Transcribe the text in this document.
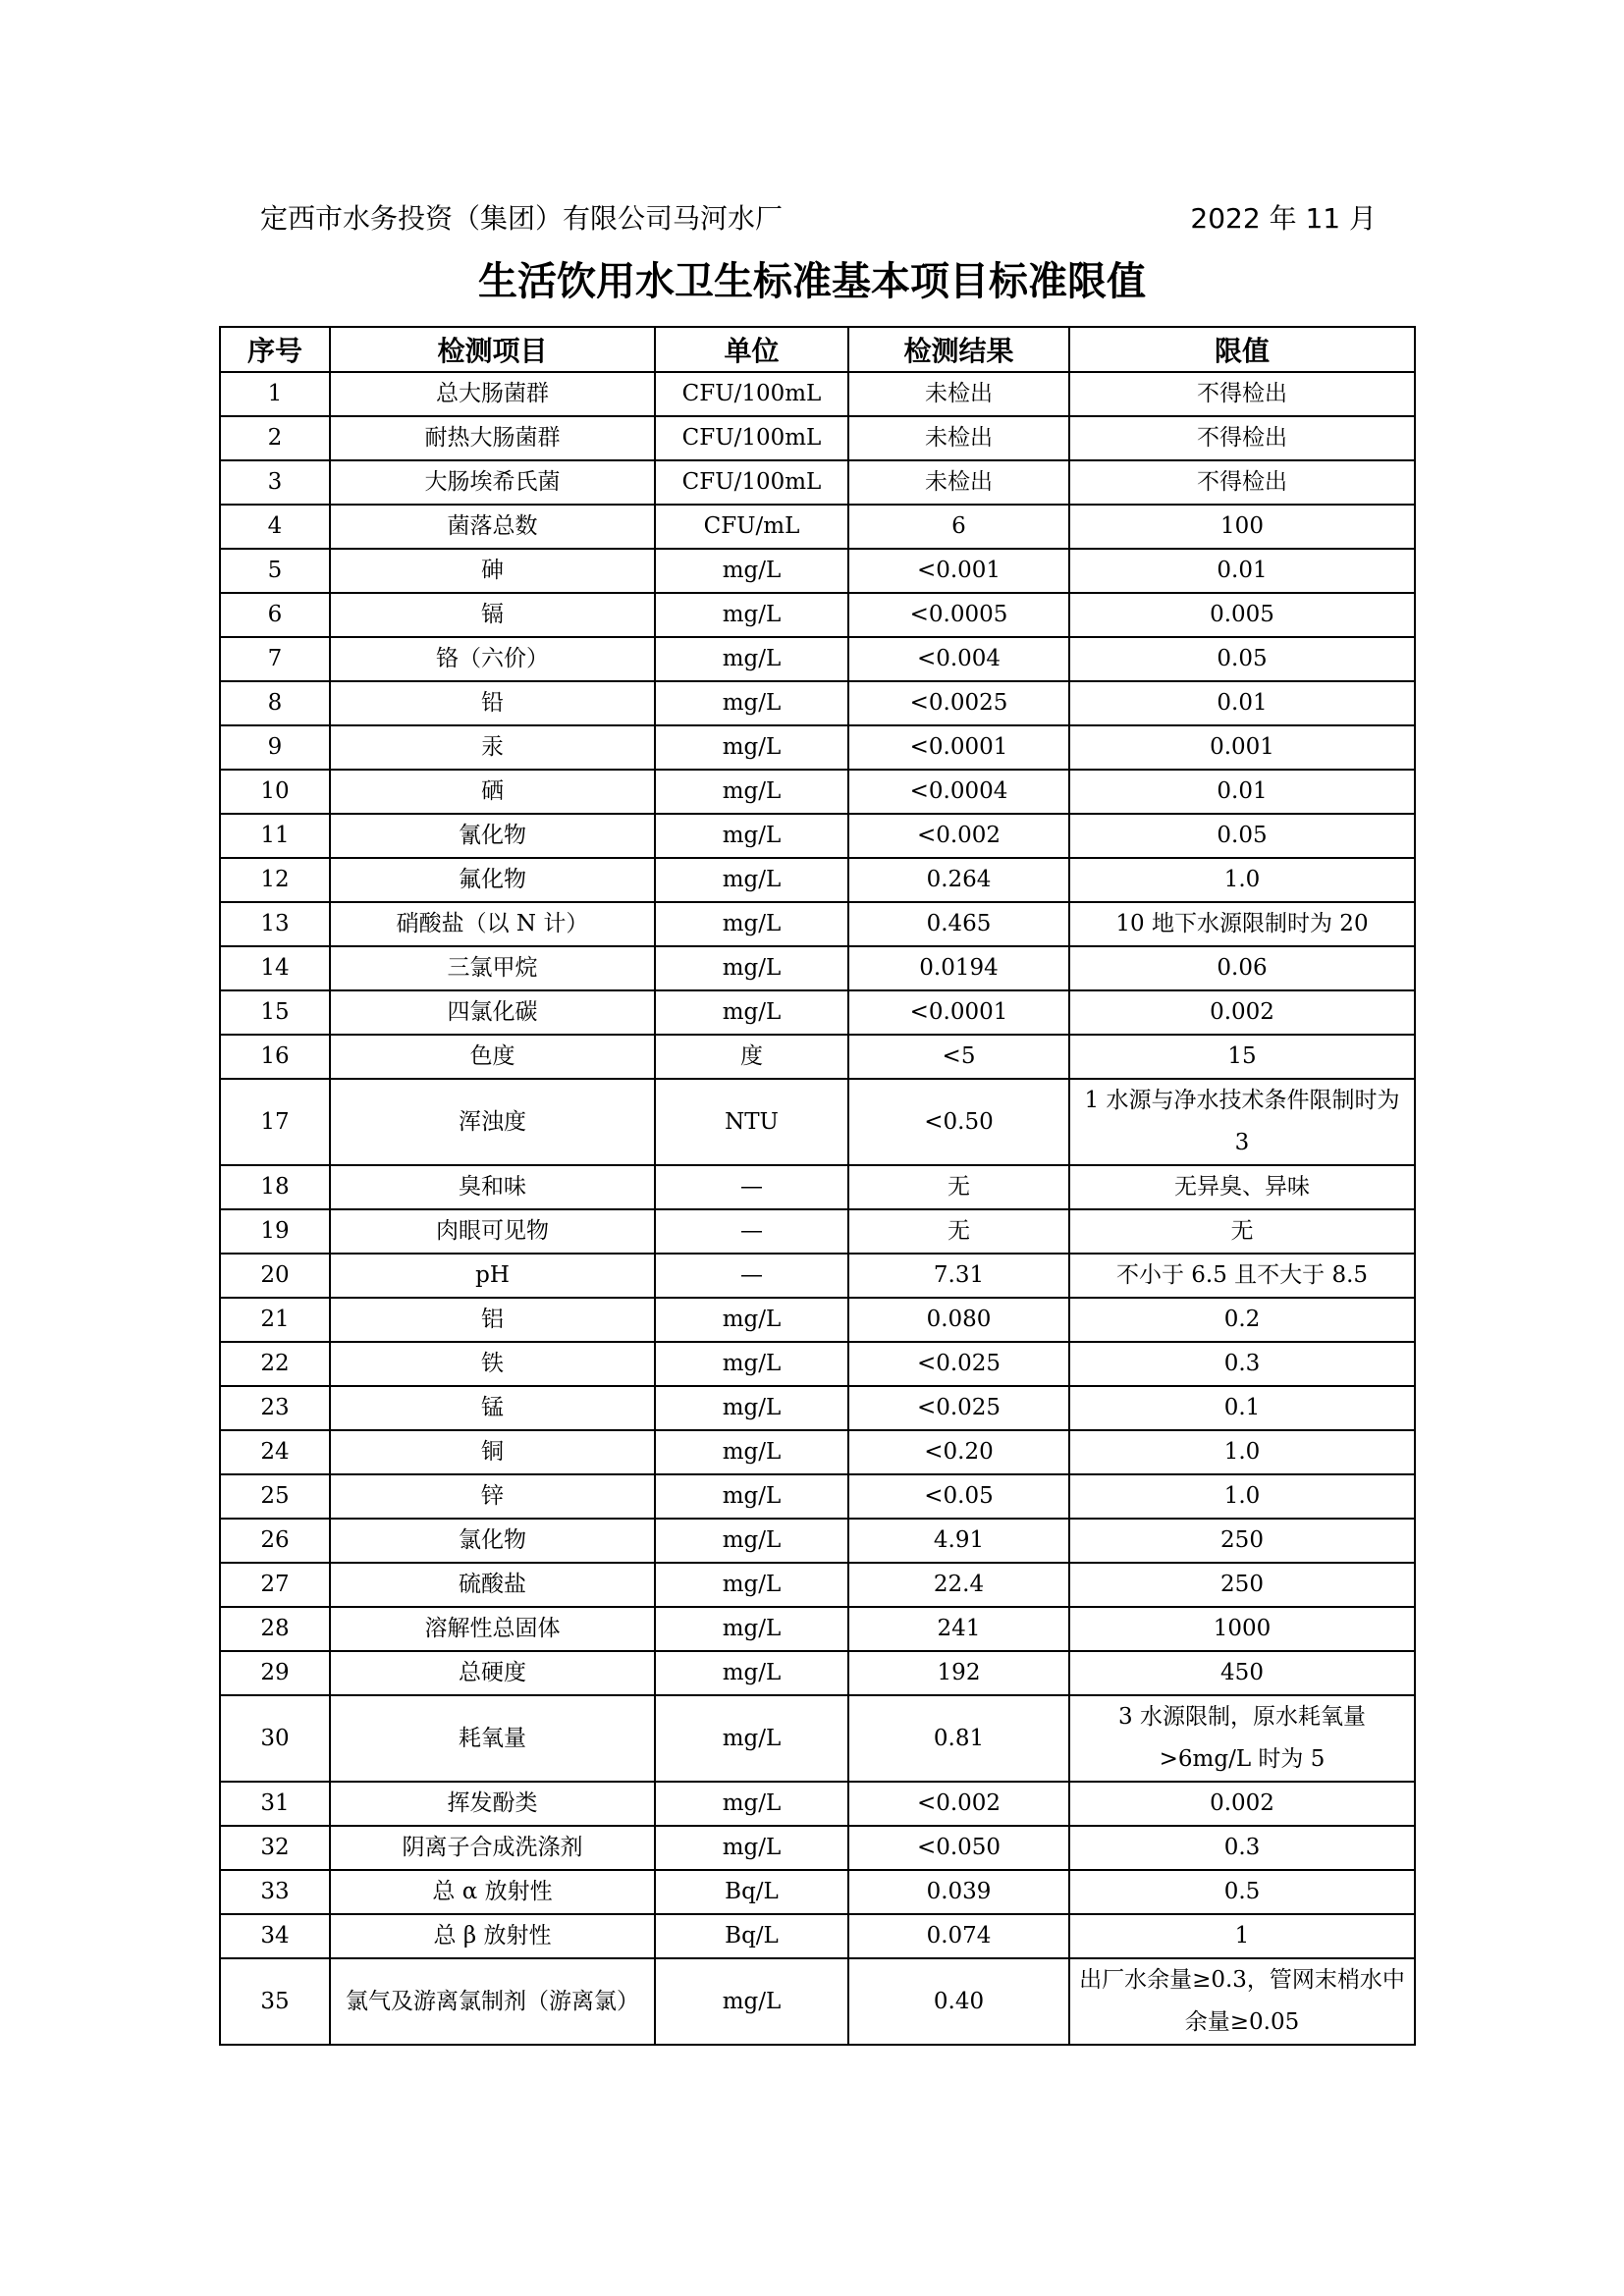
定西市水务投资（集团）有限公司马河水厂	2022 年 11 月
生活饮用水卫生标准基本项目标准限值
序号	检测项目	单位	检测结果	限值
1	总大肠菌群	CFU/100mL	未检出	不得检出
2	耐热大肠菌群	CFU/100mL	未检出	不得检出
3	大肠埃希氏菌	CFU/100mL	未检出	不得检出
4	菌落总数	CFU/mL	6	100
5	砷	mg/L	<0.001	0.01
6	镉	mg/L	<0.0005	0.005
7	铬（六价）	mg/L	<0.004	0.05
8	铅	mg/L	<0.0025	0.01
9	汞	mg/L	<0.0001	0.001
10	硒	mg/L	<0.0004	0.01
11	氰化物	mg/L	<0.002	0.05
12	氟化物	mg/L	0.264	1.0
13	硝酸盐（以 N 计）	mg/L	0.465	10 地下水源限制时为 20
14	三氯甲烷	mg/L	0.0194	0.06
15	四氯化碳	mg/L	<0.0001	0.002
16	色度	度	<5	15
17	浑浊度	NTU	<0.50	1 水源与净水技术条件限制时为 3
18	臭和味	—	无	无异臭、异味
19	肉眼可见物	—	无	无
20	pH	—	7.31	不小于 6.5 且不大于 8.5
21	铝	mg/L	0.080	0.2
22	铁	mg/L	<0.025	0.3
23	锰	mg/L	<0.025	0.1
24	铜	mg/L	<0.20	1.0
25	锌	mg/L	<0.05	1.0
26	氯化物	mg/L	4.91	250
27	硫酸盐	mg/L	22.4	250
28	溶解性总固体	mg/L	241	1000
29	总硬度	mg/L	192	450
30	耗氧量	mg/L	0.81	3 水源限制，原水耗氧量>6mg/L 时为 5
31	挥发酚类	mg/L	<0.002	0.002
32	阴离子合成洗涤剂	mg/L	<0.050	0.3
33	总 α 放射性	Bq/L	0.039	0.5
34	总 β 放射性	Bq/L	0.074	1
35	氯气及游离氯制剂（游离氯）	mg/L	0.40	出厂水余量≥0.3，管网末梢水中余量≥0.05
